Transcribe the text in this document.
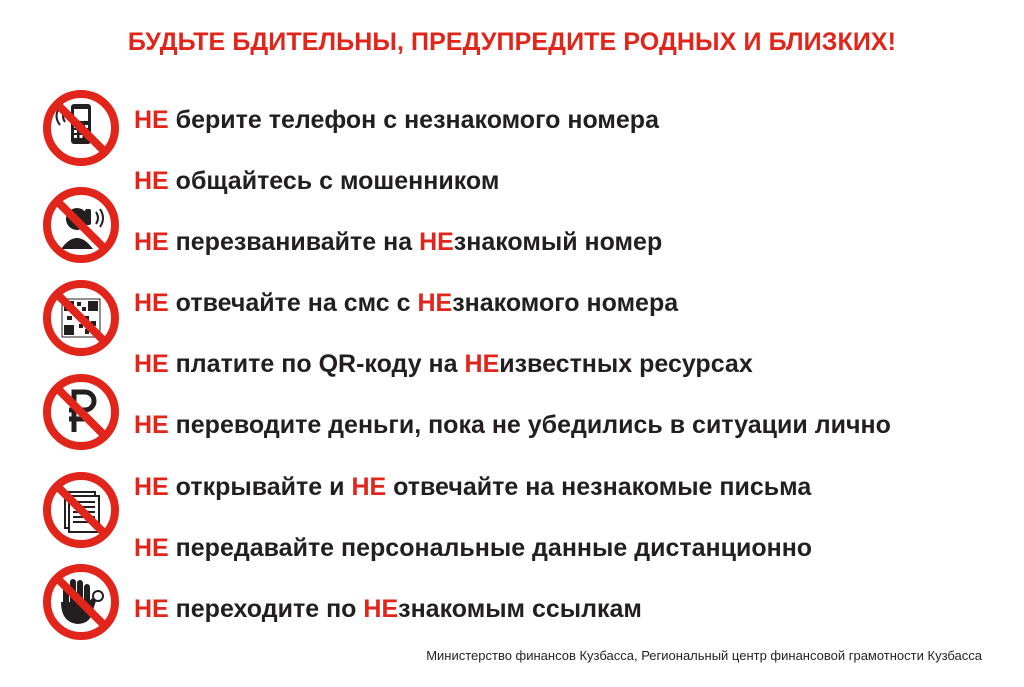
БУДЬТЕ БДИТЕЛЬНЫ, ПРЕДУПРЕДИТЕ РОДНЫХ И БЛИЗКИХ!
НЕ берите телефон с незнакомого номера
НЕ общайтесь с мошенником
НЕ перезванивайте на НЕзнакомый номер
НЕ отвечайте на смс с НЕзнакомого номера
НЕ платите по QR-коду на НЕизвестных ресурсах
НЕ переводите деньги, пока не убедились в ситуации лично
НЕ открывайте и НЕ отвечайте на незнакомые письма
НЕ передавайте персональные данные дистанционно
НЕ переходите по НЕзнакомым ссылкам
Министерство финансов Кузбасса, Региональный центр финансовой грамотности Кузбасса
